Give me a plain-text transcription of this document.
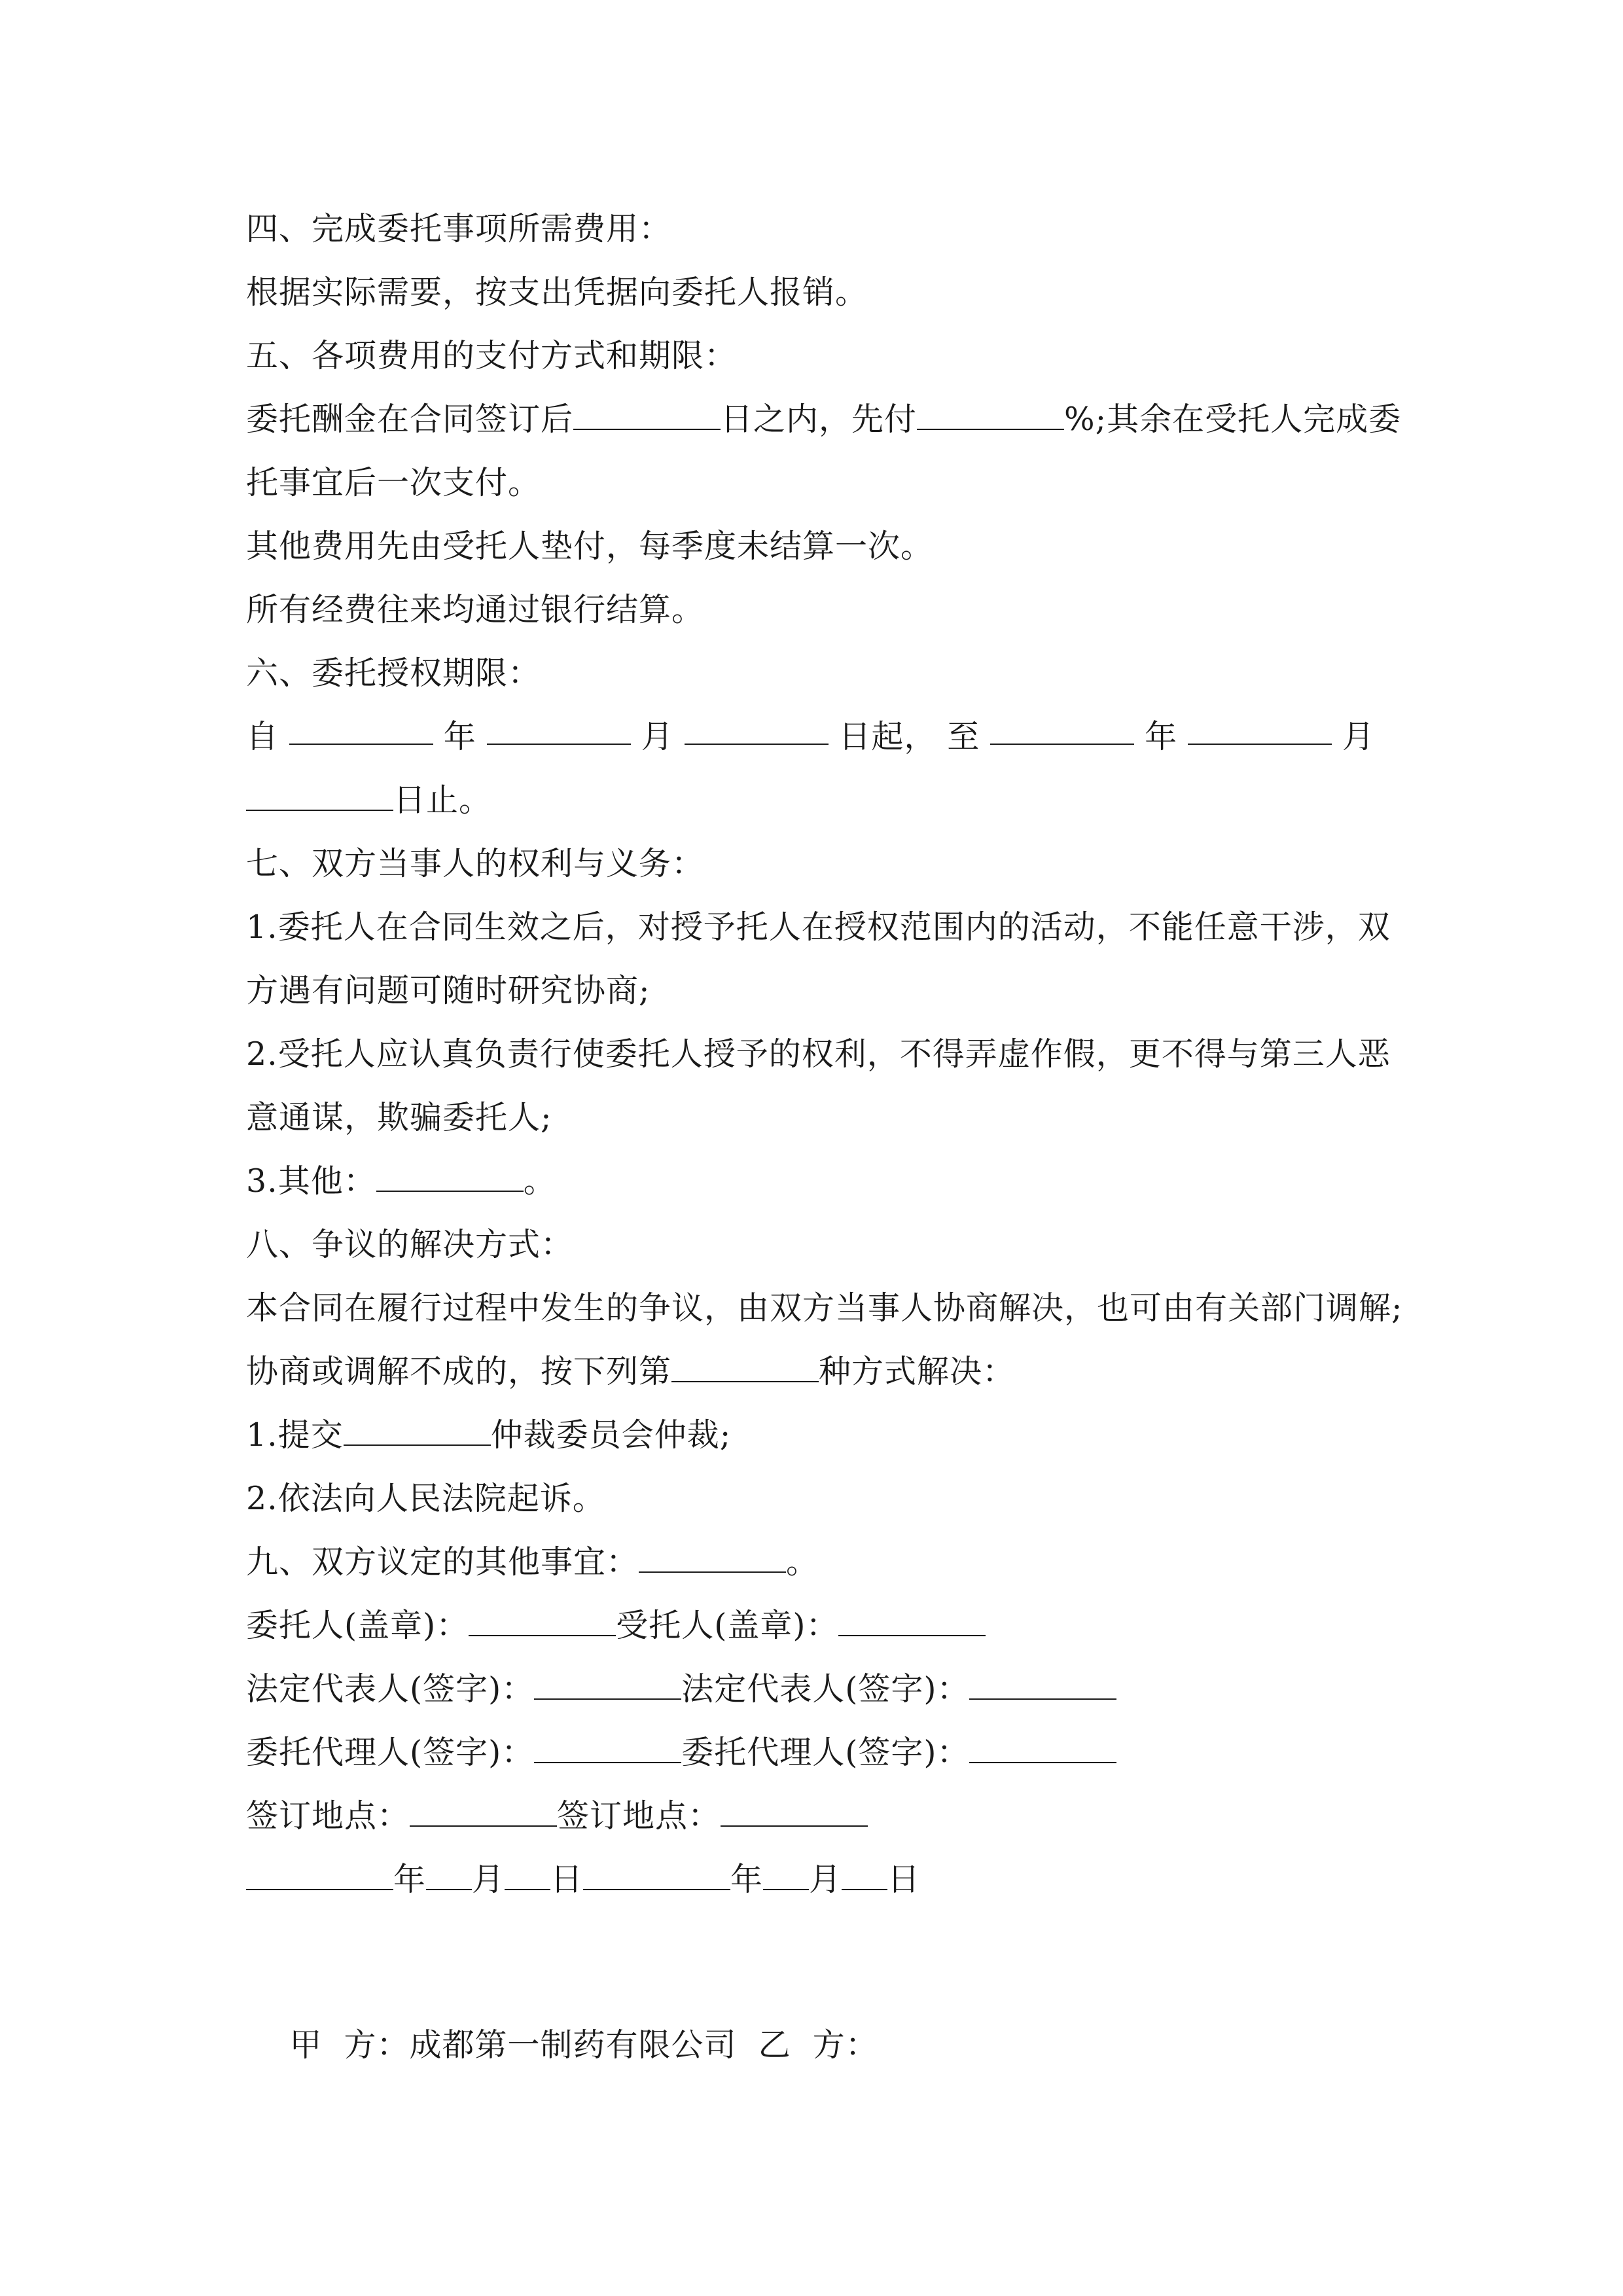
四、完成委托事项所需费用：
根据实际需要，按支出凭据向委托人报销。
五、各项费用的支付方式和期限：
委托酬金在合同签订后	日之内，先付	%;其余在受托人完成委
托事宜后一次支付。
其他费用先由受托人垫付，每季度未结算一次。
所有经费往来均通过银行结算。
六、委托授权期限：
自	年	月	日起， 至	年	月
日止。
七、双方当事人的权利与义务：
1.委托人在合同生效之后，对授予托人在授权范围内的活动，不能任意干涉，双
方遇有问题可随时研究协商;
2.受托人应认真负责行使委托人授予的权利，不得弄虚作假，更不得与第三人恶
意通谋，欺骗委托人;
3.其他：	。
八、争议的解决方式：
本合同在履行过程中发生的争议，由双方当事人协商解决，也可由有关部门调解;
协商或调解不成的，按下列第	种方式解决：
1.提交	仲裁委员会仲裁;
2.依法向人民法院起诉。
九、双方议定的其他事宜：	。
委托人(盖章)：	受托人(盖章)：
法定代表人(签字)：	法定代表人(签字)：
委托代理人(签字)：	委托代理人(签字)：
签订地点：	签订地点：
年 月 日	年 月 日

甲  方：成都第一制药有限公司  乙  方：
